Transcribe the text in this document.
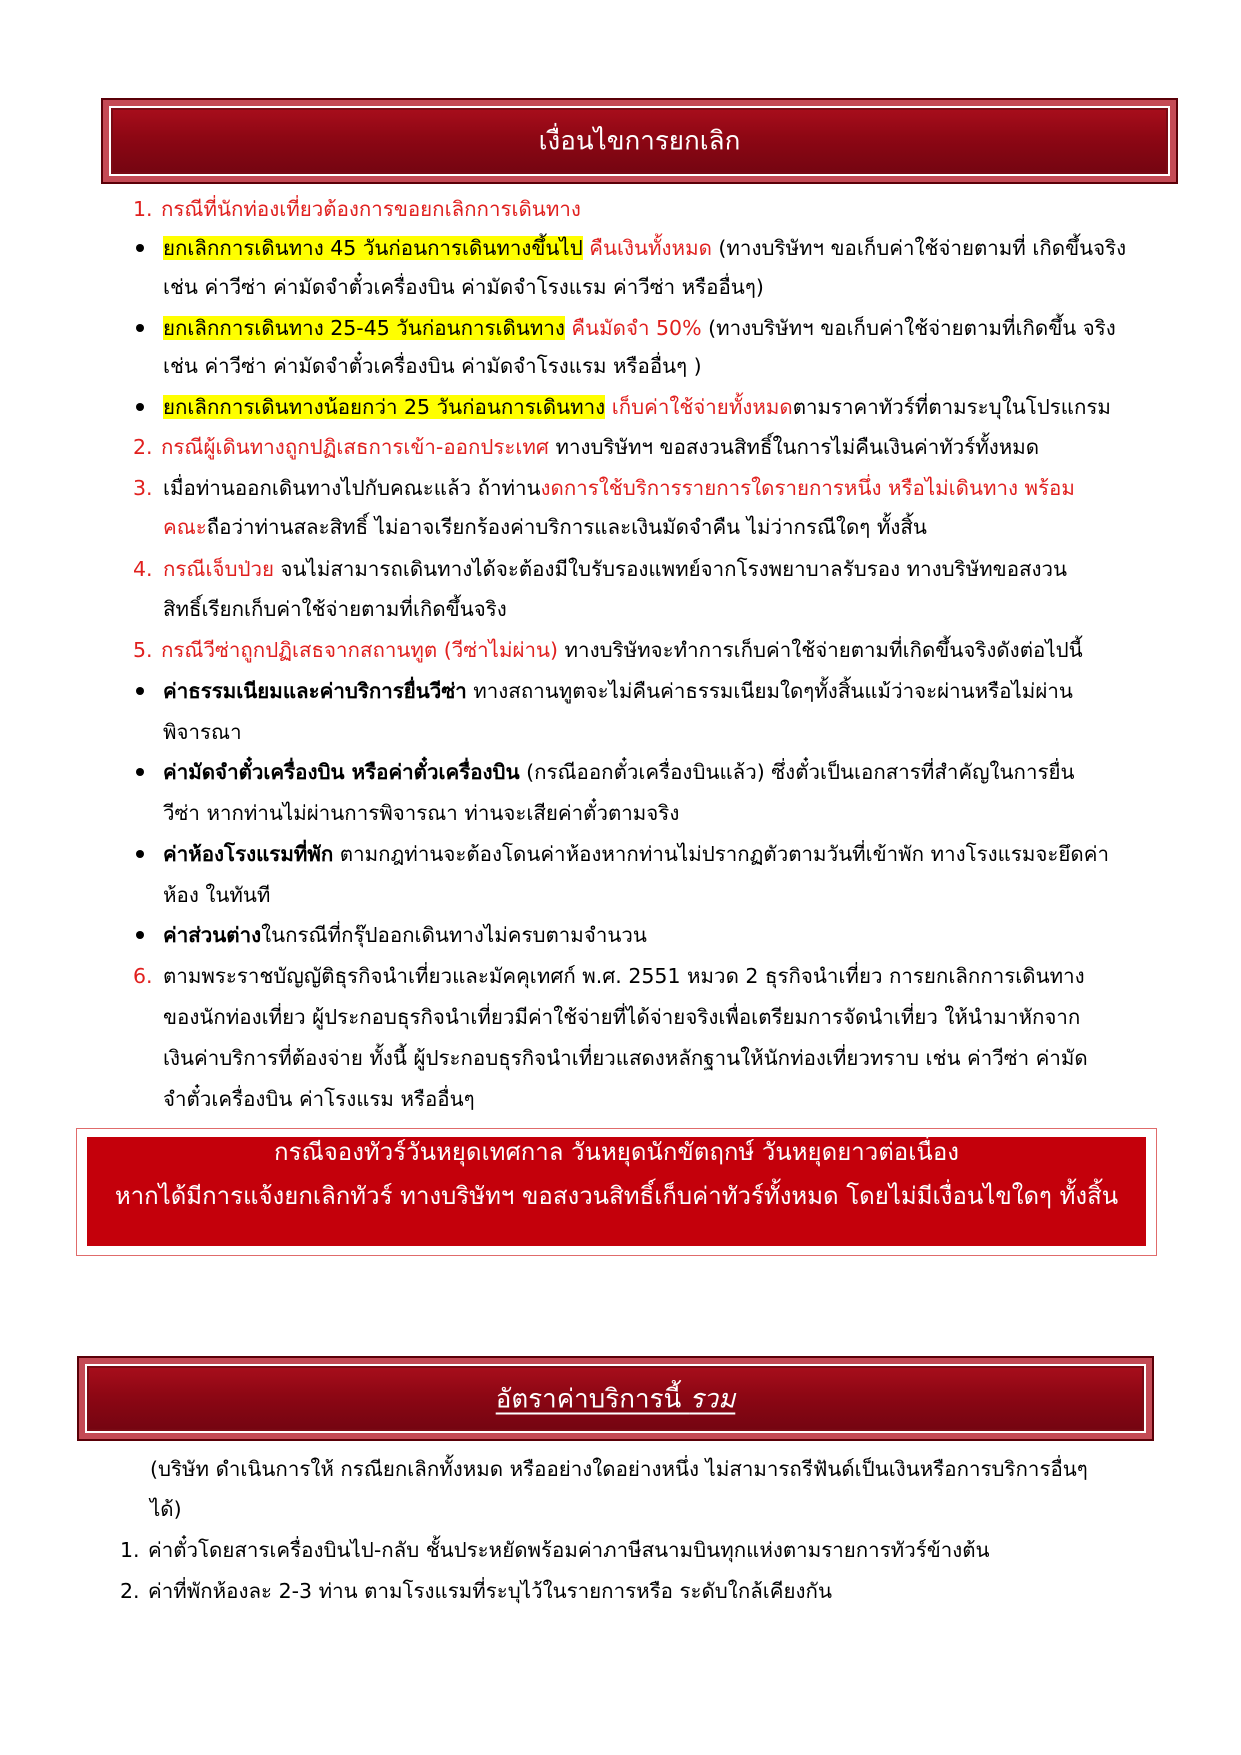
เงื่อนไขการยกเลิก
1. กรณีที่นักท่องเที่ยวต้องการขอยกเลิกการเดินทาง
ยกเลิกการเดินทาง 45 วันก่อนการเดินทางขึ้นไป คืนเงินทั้งหมด (ทางบริษัทฯ ขอเก็บค่าใช้จ่ายตามที่ เกิดขึ้นจริง
เช่น ค่าวีซ่า ค่ามัดจำตั๋วเครื่องบิน ค่ามัดจำโรงแรม ค่าวีซ่า หรืออื่นๆ)
ยกเลิกการเดินทาง 25-45 วันก่อนการเดินทาง คืนมัดจำ 50% (ทางบริษัทฯ ขอเก็บค่าใช้จ่ายตามที่เกิดขึ้น จริง
เช่น ค่าวีซ่า ค่ามัดจำตั๋วเครื่องบิน ค่ามัดจำโรงแรม หรืออื่นๆ )
ยกเลิกการเดินทางน้อยกว่า 25 วันก่อนการเดินทาง เก็บค่าใช้จ่ายทั้งหมดตามราคาทัวร์ที่ตามระบุในโปรแกรม
2. กรณีผู้เดินทางถูกปฏิเสธการเข้า-ออกประเทศ ทางบริษัทฯ ขอสงวนสิทธิ์ในการไม่คืนเงินค่าทัวร์ทั้งหมด
3. เมื่อท่านออกเดินทางไปกับคณะแล้ว ถ้าท่านงดการใช้บริการรายการใดรายการหนึ่ง หรือไม่เดินทาง พร้อม
คณะถือว่าท่านสละสิทธิ์ ไม่อาจเรียกร้องค่าบริการและเงินมัดจำคืน ไม่ว่ากรณีใดๆ ทั้งสิ้น
4. กรณีเจ็บป่วย จนไม่สามารถเดินทางได้จะต้องมีใบรับรองแพทย์จากโรงพยาบาลรับรอง ทางบริษัทขอสงวน
สิทธิ์เรียกเก็บค่าใช้จ่ายตามที่เกิดขึ้นจริง
5. กรณีวีซ่าถูกปฏิเสธจากสถานทูต (วีซ่าไม่ผ่าน) ทางบริษัทจะทำการเก็บค่าใช้จ่ายตามที่เกิดขึ้นจริงดังต่อไปนี้
ค่าธรรมเนียมและค่าบริการยื่นวีซ่า ทางสถานทูตจะไม่คืนค่าธรรมเนียมใดๆทั้งสิ้นแม้ว่าจะผ่านหรือไม่ผ่าน
พิจารณา
ค่ามัดจำตั๋วเครื่องบิน หรือค่าตั๋วเครื่องบิน (กรณีออกตั๋วเครื่องบินแล้ว) ซึ่งตั๋วเป็นเอกสารที่สำคัญในการยื่น
วีซ่า หากท่านไม่ผ่านการพิจารณา ท่านจะเสียค่าตั๋วตามจริง
ค่าห้องโรงแรมที่พัก ตามกฎท่านจะต้องโดนค่าห้องหากท่านไม่ปรากฏตัวตามวันที่เข้าพัก ทางโรงแรมจะยึดค่า
ห้อง ในทันที
ค่าส่วนต่างในกรณีที่กรุ๊ปออกเดินทางไม่ครบตามจำนวน
6. ตามพระราชบัญญัติธุรกิจนำเที่ยวและมัคคุเทศก์ พ.ศ. 2551 หมวด 2 ธุรกิจนำเที่ยว การยกเลิกการเดินทาง
ของนักท่องเที่ยว ผู้ประกอบธุรกิจนำเที่ยวมีค่าใช้จ่ายที่ได้จ่ายจริงเพื่อเตรียมการจัดนำเที่ยว ให้นำมาหักจาก
เงินค่าบริการที่ต้องจ่าย ทั้งนี้ ผู้ประกอบธุรกิจนำเที่ยวแสดงหลักฐานให้นักท่องเที่ยวทราบ เช่น ค่าวีซ่า ค่ามัด
จำตั๋วเครื่องบิน ค่าโรงแรม หรืออื่นๆ
กรณีจองทัวร์วันหยุดเทศกาล วันหยุดนักขัตฤกษ์ วันหยุดยาวต่อเนื่อง
หากได้มีการแจ้งยกเลิกทัวร์ ทางบริษัทฯ ขอสงวนสิทธิ์เก็บค่าทัวร์ทั้งหมด โดยไม่มีเงื่อนไขใดๆ ทั้งสิ้น
อัตราค่าบริการนี้ รวม
(บริษัท ดำเนินการให้ กรณียกเลิกทั้งหมด หรืออย่างใดอย่างหนึ่ง ไม่สามารถรีฟันด์เป็นเงินหรือการบริการอื่นๆ
ได้)
1. ค่าตั๋วโดยสารเครื่องบินไป-กลับ ชั้นประหยัดพร้อมค่าภาษีสนามบินทุกแห่งตามรายการทัวร์ข้างต้น
2. ค่าที่พักห้องละ 2-3 ท่าน ตามโรงแรมที่ระบุไว้ในรายการหรือ ระดับใกล้เคียงกัน
